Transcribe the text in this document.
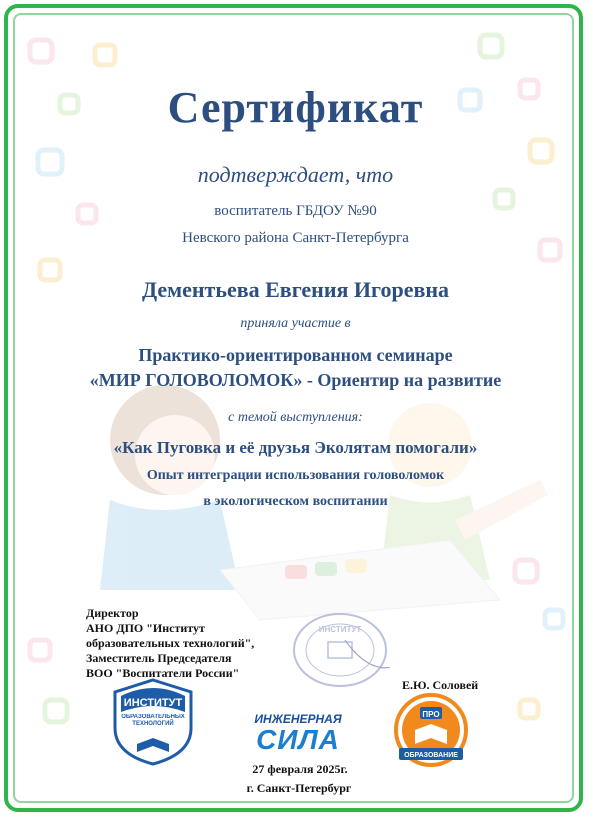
Сертификат
подтверждает, что
воспитатель ГБДОУ №90
Невского района Санкт-Петербурга
Дементьева Евгения Игоревна
приняла участие в
Практико-ориентированном семинаре
«МИР ГОЛОВОЛОМОК» - Ориентир на развитие
с темой выступления:
«Как Пуговка и её друзья Эколятам помогали»
Опыт интеграции использования головоломок
в экологическом воспитании
Директор
АНО ДПО "Институт
образовательных технологий",
Заместитель Председателя
ВОО "Воспитатели России"
Е.Ю. Соловей
ИНСТИТУТ
ИНСТИТУТ
ОБРАЗОВАТЕЛЬНЫХ ТЕХНОЛОГИЙ	ИНЖЕНЕРНАЯ
СИЛА
ПРО
ОБРАЗОВАНИЕ
27 февраля 2025г.
г. Санкт-Петербург
